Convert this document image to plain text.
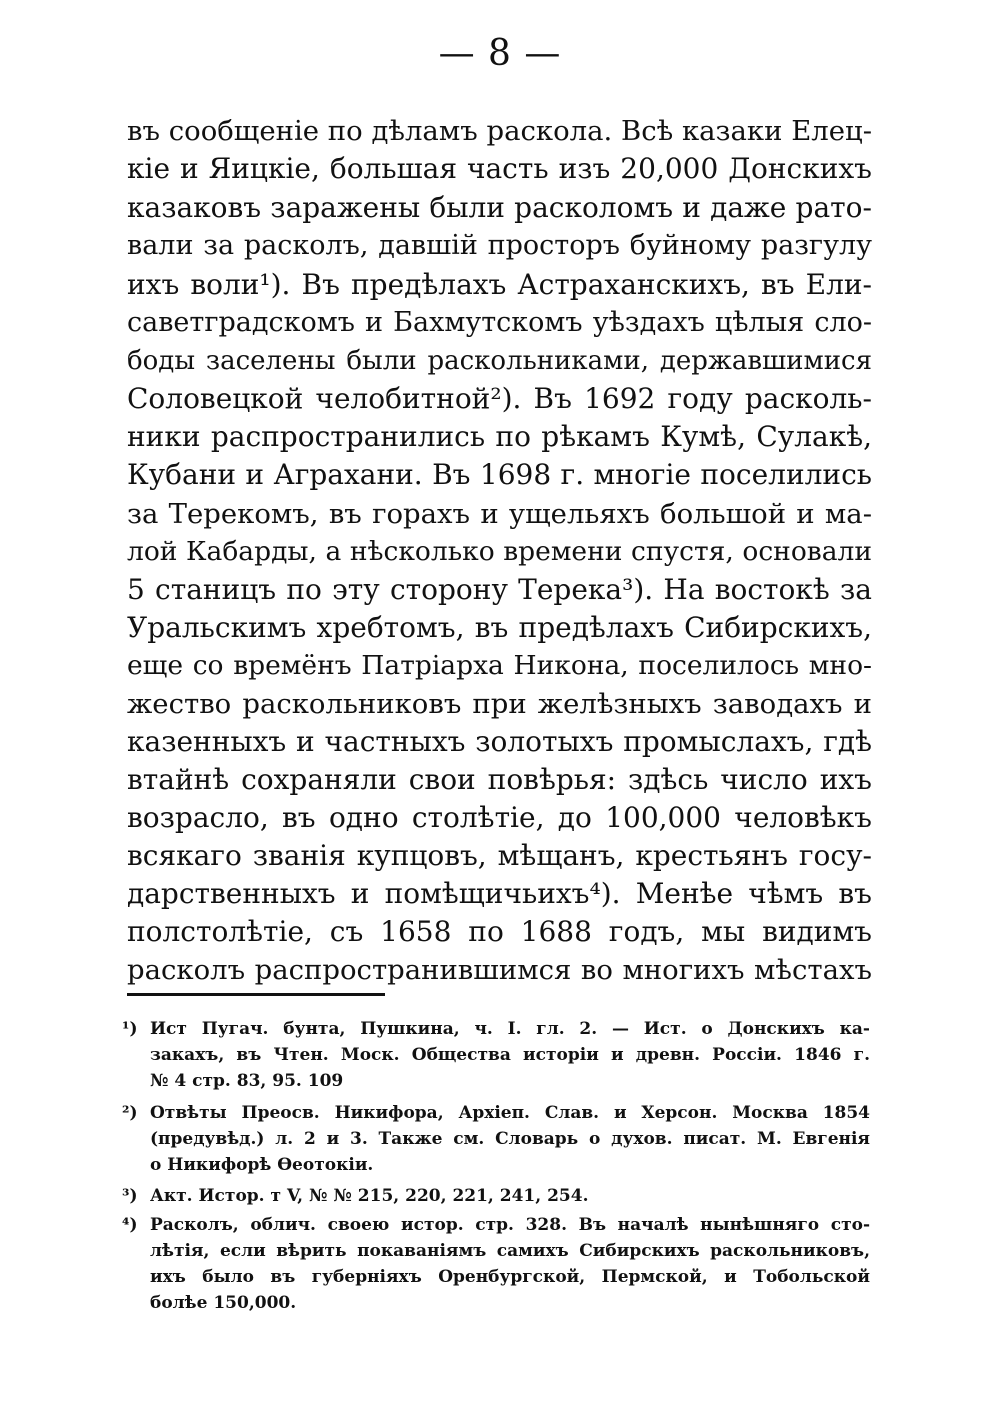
— 8 —

въ сообщеніе по дѣламъ раскола. Всѣ казаки Елец-

кіе и Яицкіе, большая часть изъ 20,000 Донскихъ

казаковъ заражены были расколомъ и даже рато-

вали за расколъ, давшій просторъ буйному разгулу

ихъ воли¹). Въ предѣлахъ Астраханскихъ, въ Ели-

саветградскомъ и Бахмутскомъ уѣздахъ цѣлыя сло-

боды заселены были раскольниками, державшимися

Соловецкой челобитной²). Въ 1692 году расколь-

ники распространились по рѣкамъ Кумѣ, Сулакѣ,

Кубани и Аграхани. Въ 1698 г. многіе поселились

за Терекомъ, въ горахъ и ущельяхъ большой и ма-

лой Кабарды, а нѣсколько времени спустя, основали

5 станицъ по эту сторону Терека³). На востокѣ за

Уральскимъ хребтомъ, въ предѣлахъ Сибирскихъ,

еще со времёнъ Патріарха Никона, поселилось мно-

жество раскольниковъ при желѣзныхъ заводахъ и

казенныхъ и частныхъ золотыхъ промыслахъ, гдѣ

втайнѣ сохраняли свои повѣрья: здѣсь число ихъ

возрасло, въ одно столѣтіе, до 100,000 человѣкъ

всякаго званія купцовъ, мѣщанъ, крестьянъ госу-

дарственныхъ и помѣщичьихъ⁴). Менѣе чѣмъ въ

полстолѣтіе, съ 1658 по 1688 годъ, мы видимъ

расколъ распространившимся во многихъ мѣстахъ

¹) Ист Пугач. бунта, Пушкина, ч. I. гл. 2. — Ист. о Донскихъ ка-

закахъ, въ Чтен. Моск. Общества исторіи и древн. Россіи. 1846 г.

№ 4 стр. 83, 95. 109

²) Отвѣты Преосв. Никифора, Архіеп. Слав. и Херсон. Москва 1854

(предувѣд.) л. 2 и 3. Также см. Словарь о духов. писат. М. Евгенія

о Никифорѣ Ѳеотокіи.

³) Акт. Истор. т V, № № 215, 220, 221, 241, 254.

⁴) Расколъ, облич. своею истор. стр. 328. Въ началѣ нынѣшняго сто-

лѣтія, если вѣрить покаваніямъ самихъ Сибирскихъ раскольниковъ,

ихъ было въ губерніяхъ Оренбургской, Пермской, и Тобольской

болѣе 150,000.
